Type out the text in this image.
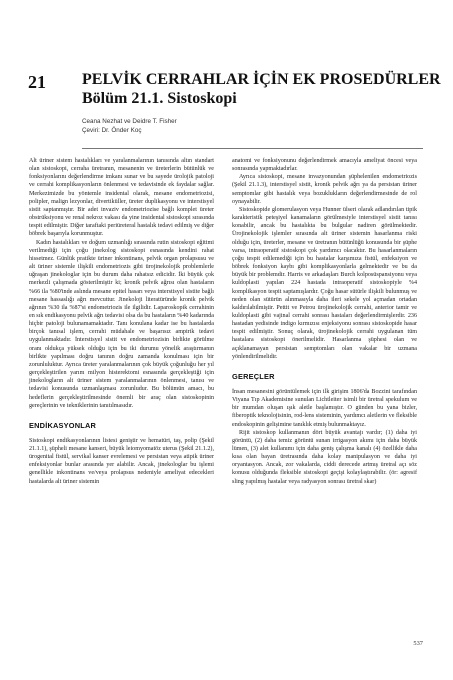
21 PELVİK CERRAHLAR İÇİN EK PROSEDÜRLER
Bölüm 21.1. Sistoskopi
Ceana Nezhat ve Deidre T. Fisher
Çeviri: Dr. Önder Koç

Alt üriner sistem hastalıkları ve yaralanmalarının tanısında altın standart olan sistoskopi, cerraha üretranın, mesanenin ve üreterlerin bütünlük ve fonksiyonlarını değerlendirme imkanı sunar ve bu sayede ürolojik patoloji ve cerrahi komplikasyonların önlenmesi ve tedavisinde ek faydalar sağlar. Merkezimizde bu yöntemle insidental olarak, mesane endometriozisi, polipler, malign lezyonlar, divertiküller, üreter duplikasyonu ve interstisyel sistit saptanmıştır. Bir adet invaziv endometriozise bağlı komplet üreter obstrüksiyonu ve renal nekroz vakası da yine insidental sistoskopi sırasında tespit edilmiştir. Diğer taraftaki periüreteral hastalık tedavi edilmiş ve diğer böbrek başarıyla korunmuştur.

Kadın hastalıkları ve doğum uzmanlığı sırasında rutin sistoskopi eğitimi verilmediği için çoğu jinekolog sistoskopi esnasında kendini rahat hissetmez. Günlük pratikte üriner inkontinans, pelvik organ prolapsusu ve alt üriner sistemle ilişkili endometriozis gibi ürojinekolojik problemlerle uğraşan jinekologlar için bu durum daha rahatsız edicidir. İki büyük çok merkezli çalışmada gösterilmiştir ki; kronik pelvik ağrısı olan hastaların %66 ila %80'inde aslında mesane epitel hasarı veya interstisyel sistite bağlı mesane hassaslığı ağrı mevcuttur. Jinekoloji literatüründe kronik pelvik ağrının %30 ila %87'si endometriozis ile ilgilidir. Laparoskopik cerrahinin en sık endikasyonu pelvik ağrı tedavisi olsa da bu hastaların %40 kadarında hiçbir patoloji bulunamamaktadır. Tanı konulana kadar ise bu hastalarda birçok tanısal işlem, cerrahi müdahale ve başarısız ampirik tedavi uygulanmaktadır. İnterstisyel sistit ve endometriozisin birlikte görülme oranı oldukça yüksek olduğu için bu iki durumu yönelik araştırmanın birlikte yapılması doğru tanının doğru zamanda konulması için bir zorunluluktur. Ayrıca üreter yaralanmalarının çok büyük çoğunluğu her yıl gerçekleştirilen yarım milyon histerektomi esnasında gerçekleştiği için jinekologların alt üriner sistem yaralanmalarının önlenmesi, tanısı ve tedavisi konusunda uzmanlaşması zorunludur. Bu bölümün amacı, bu hedeflerin gerçekleştirilmesinde önemli bir araç olan sistoskopinin gereçlerinin ve tekniklerinin tanıtılmasıdır.

ENDİKASYONLAR

Sistoskopi endikasyonlarının listesi geniştir ve hematüri, taş, polip (Şekil 21.1.1), şüpheli mesane kanseri, büyük leiomyomatöz uterus (Şekil 21.1.2), ürogenital fistül, servikal kanser evrelemesi ve persistan veya atipik üriner enfeksiyonlar bunlar arasında yer alabilir. Ancak, jinekologlar bu işlemi genellikle inkontinans ve/veya prolapsus nedeniyle ameliyat edecekleri hastalarda alt üriner sistemin

anatomi ve fonksiyonunu değerlendirmek amacıyla ameliyat öncesi veya sonrasında yapmaktadırlar.

Ayrıca sistoskopi, mesane invazyonundan şüphelenilen endometriozis (Şekil 21.1.3), interstisyel sistit, kronik pelvik ağrı ya da persistan üriner semptomlar gibi hastalık veya bozuklukların değerlendirmesinde de rol oynayabilir.

Sistoskopide glomerulasyon veya Hunner ülseri olarak adlandırılan tipik karakteristik peteşiyel kanamaların görülmesiyle interstisyel sistit tanısı konabilir, ancak bu hastalıkta bu bulgular nadiren görülmektedir. Ürojinekolojik işlemler sırasında alt üriner sistemin hasarlanma riski olduğu için, üreterler, mesane ve üretranın bütünlüğü konusunda bir şüphe varsa, intraoperatif sistoskopi çok yardımcı olacaktır. Bu hasarlanmaların çoğu tespit edilemediği için bu hastalar karşımıza fistül, enfeksiyon ve böbrek fonksiyon kaybı gibi komplikasyonlarla gelmektedir ve bu da büyük bir problemdir. Harris ve arkadaşları Burch kolposüspansiyonu veya kuldoplasti yapılan 224 hastada intraoperatif sistoskopiyle %4 komplikasyon tespit saptamışlardır. Çoğu hasar sütürle ilişkili bulunmuş ve neden olan sütürün alınmasıyla daha ileri sekele yol açmadan ortadan kaldırılabilmiştir. Pettit ve Petrou ürojinekolojik cerrahi, anterior tamir ve kuldoplasti gibi vajinal cerrahi sonrası hastaları değerlendirmişlerdir. 236 hastadan yedisinde indigo kırmızısı enjeksiyonu sonrası sistoskopide hasar tespit edilmiştir. Sonuç olarak, ürojinekolojik cerrahi uygulanan tüm hastalara sistoskopi önerilmelidir. Hasarlanma şüphesi olan ve açıklanamayan persistan semptomları olan vakalar bir uzmana yönlendirilmelidir.

GEREÇLER

İnsan mesanesini görüntülemek için ilk girişim 1806'da Bozzini tarafından Viyana Tıp Akademisine sunulan Lichtleiter isimli bir üretral spekulum ve bir mumdan oluşan ışık aletle başlamıştır. O günden bu yana bizler, fiberoptik teknolojisinin, rod-lens sisteminin, yardımcı aletlerin ve fleksible endoskopinin gelişimine tanıklık etmiş bulunmaktayız.

Rijit sistoskop kullanmanın dört büyük avantajı vardır; (1) daha iyi görüntü, (2) daha temiz görüntü sunan irrigasyon akımı için daha büyük lümen, (3) alet kullanımı için daha geniş çalışma kanalı (4) özellikle daha kısa olan bayan üretrasında daha kolay manipulasyon ve daha iyi oryantasyon. Ancak, zor vakalarda, ciddi derecede artmış üretral açı söz konusu olduğunda fleksible sistoskopi geçişi kolaylaştırabilir. (ör: agresif sling yapılmış hastalar veya radyasyon sonrası üretral skar)

537
